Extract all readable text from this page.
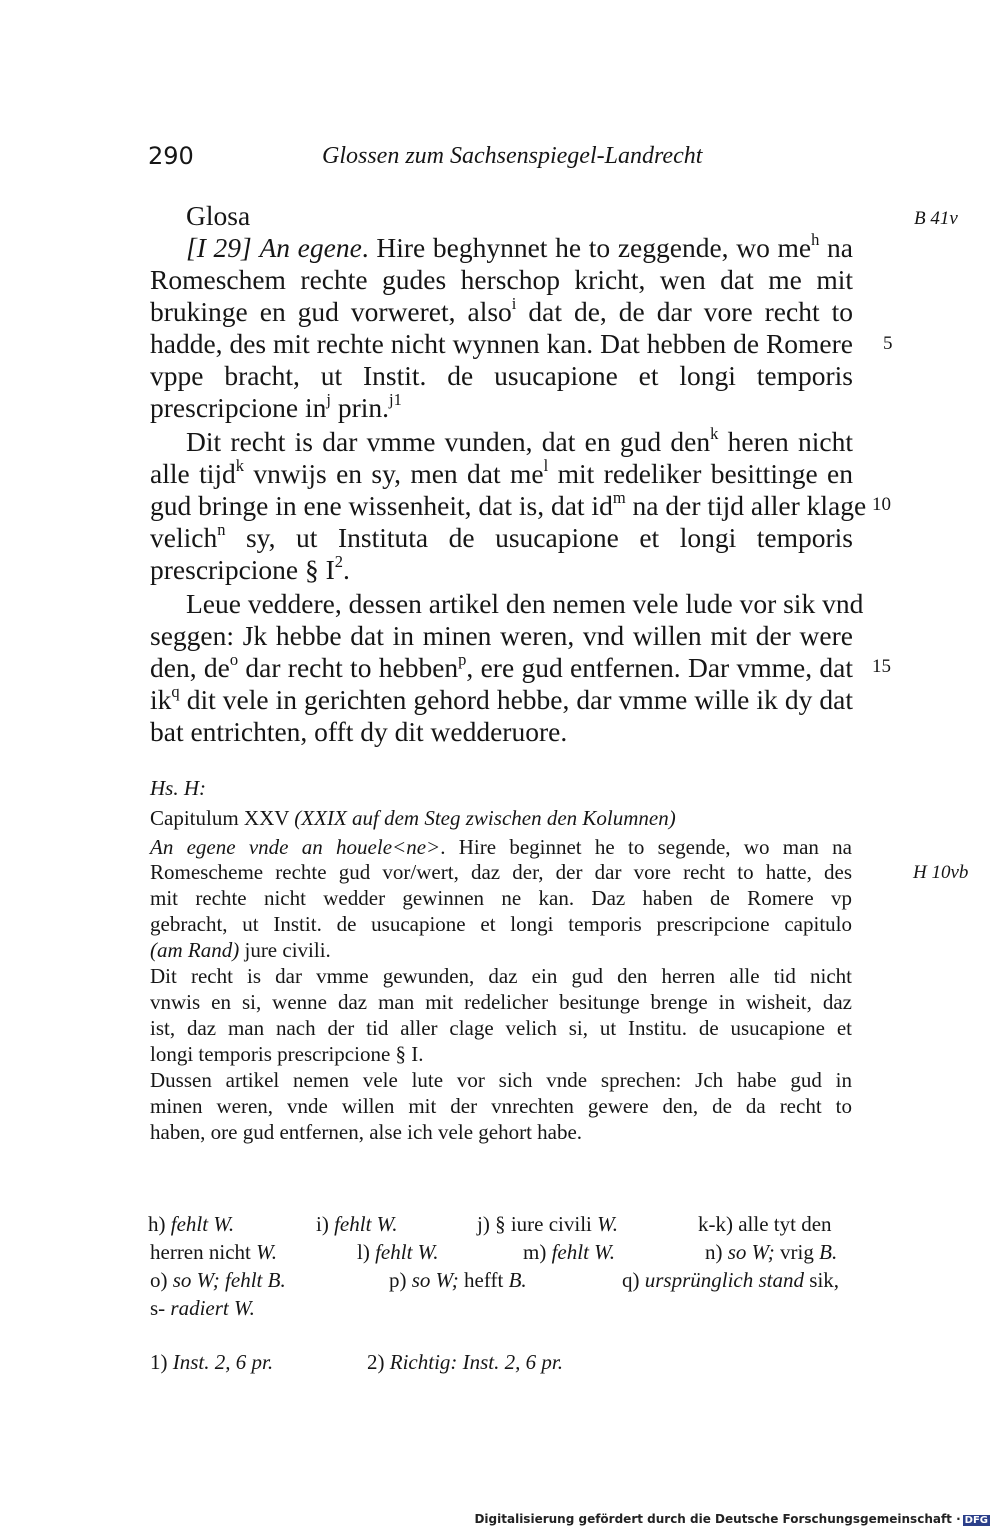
290	Glossen zum Sachsenspiegel-Landrecht
B 41v
5
10
15
Glosa
[I 29] An egene. Hire beghynnet he to zeggende, wo $me^h$ na
Romeschem rechte gudes herschop kricht, wen dat me mit
brukinge en gud vorweret, also$^i$ dat de, de dar vore recht to
hadde, des mit rechte nicht wynnen kan. Dat hebben de Romere
vppe bracht, ut Instit. de usucapione et longi temporis
prescripcione $in^j$ prin.$^{j1}$
Dit recht is dar vmme vunden, dat en gud den$^k$ heren nicht
alle tijd$^k$ vnwijs en sy, men dat $me^l$ mit redeliker besittinge en
gud bringe in ene wissenheit, dat is, dat $id^m$ na der tijd aller klage
velich$^n$ sy, ut Instituta de usucapione et longi temporis
prescripcione § $I^2$.
Leue veddere, dessen artikel den nemen vele lude vor sik vnd
seggen: Jk hebbe dat in minen weren, vnd willen mit der were
den, $de^o$ dar recht to hebben$^p$, ere gud entfernen. Dar vmme, dat
$ik^q$ dit vele in gerichten gehord hebbe, dar vmme wille ik dy dat
bat entrichten, offt dy dit wedderuore.
Hs. H:
Capitulum XXV (XXIX auf dem Steg zwischen den Kolumnen)
An egene vnde an houele<ne>. Hire beginnet he to segende, wo man na
H 10vb
Romescheme rechte gud vor/wert, daz der, der dar vore recht to hatte, des
mit rechte nicht wedder gewinnen ne kan. Daz haben de Romere vp
gebracht, ut Instit. de usucapione et longi temporis prescripcione capitulo
(am Rand) jure civili.
Dit recht is dar vmme gewunden, daz ein gud den herren alle tid nicht
vnwis en si, wenne daz man mit redelicher besitunge brenge in wisheit, daz
ist, daz man nach der tid aller clage velich si, ut Institu. de usucapione et
longi temporis prescripcione § I.
Dussen artikel nemen vele lute vor sich vnde sprechen: Jch habe gud in
minen weren, vnde willen mit der vnrechten gewere den, de da recht to
haben, ore gud entfernen, alse ich vele gehort habe.
h) fehlt W.	i) fehlt W.	j) § iure civili W.	k-k) alle tyt den
herren nicht W.	l) fehlt W.	m) fehlt W.	n) so W; vrig B.
o) so W; fehlt B.	p) so W; hefft B.	q) ursprünglich stand sik,
s- radiert W.
1) Inst. 2, 6 pr.	2) Richtig: Inst. 2, 6 pr.
Digitalisierung gefördert durch die Deutsche Forschungsgemeinschaft · DFG
